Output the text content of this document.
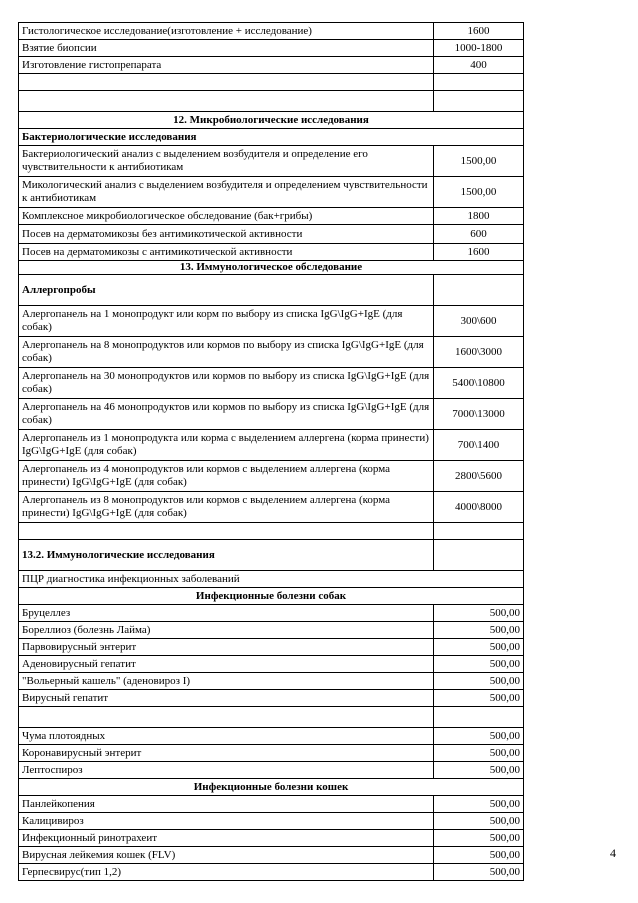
Гистологическое исследование(изготовление + исследование)	1600
Взятие биопсии	1000-1800
Изготовление гистопрепарата	400

12. Микробиологические исследования	
Бактериологические исследования	
Бактериологический анализ с выделением возбудителя и определение его чувствительности к антибиотикам	1500,00
Микологический анализ с выделением возбудителя и определением чувствительности к антибиотикам	1500,00
Комплексное микробиологическое обследование (бак+грибы)	1800
Посев на дерматомикозы без антимикотической активности	600
Посев на дерматомикозы с антимикотической активности	1600
13. Иммунологическое обследование	
Аллергопробы	
Алергопанель на 1 монопродукт или корм по выбору из списка IgG\IgG+IgE (для собак)	300\600
Алергопанель на 8 монопродуктов или кормов по выбору из списка IgG\IgG+IgE (для собак)	1600\3000
Алергопанель на 30 монопродуктов или кормов по выбору из списка IgG\IgG+IgE (для собак)	5400\10800
Алергопанель на 46 монопродуктов или кормов по выбору из списка IgG\IgG+IgE (для собак)	7000\13000
Алергопанель из 1 монопродукта или корма с выделением аллергена (корма принести) IgG\IgG+IgE (для собак)	700\1400
Алергопанель из 4 монопродуктов или кормов с выделением аллергена (корма принести) IgG\IgG+IgE (для собак)	2800\5600
Алергопанель из 8 монопродуктов или кормов с выделением аллергена (корма принести) IgG\IgG+IgE (для собак)	4000\8000

13.2. Иммунологические исследования	
ПЦР диагностика инфекционных заболеваний	
Инфекционные болезни собак	
Бруцеллез	500,00
Бореллиоз (болезнь Лайма)	500,00
Парвовирусный энтерит	500,00
Аденовирусный гепатит	500,00
"Вольерный кашель" (аденовироз I)	500,00
Вирусный гепатит	500,00

Чума плотоядных	500,00
Коронавирусный энтерит	500,00
Лептоспироз	500,00
Инфекционные болезни кошек	
Панлейкопения	500,00
Калицивироз	500,00
Инфекционный ринотрахеит	500,00
Вирусная лейкемия кошек (FLV)	500,00
Герпесвирус(тип 1,2)	500,00
4
